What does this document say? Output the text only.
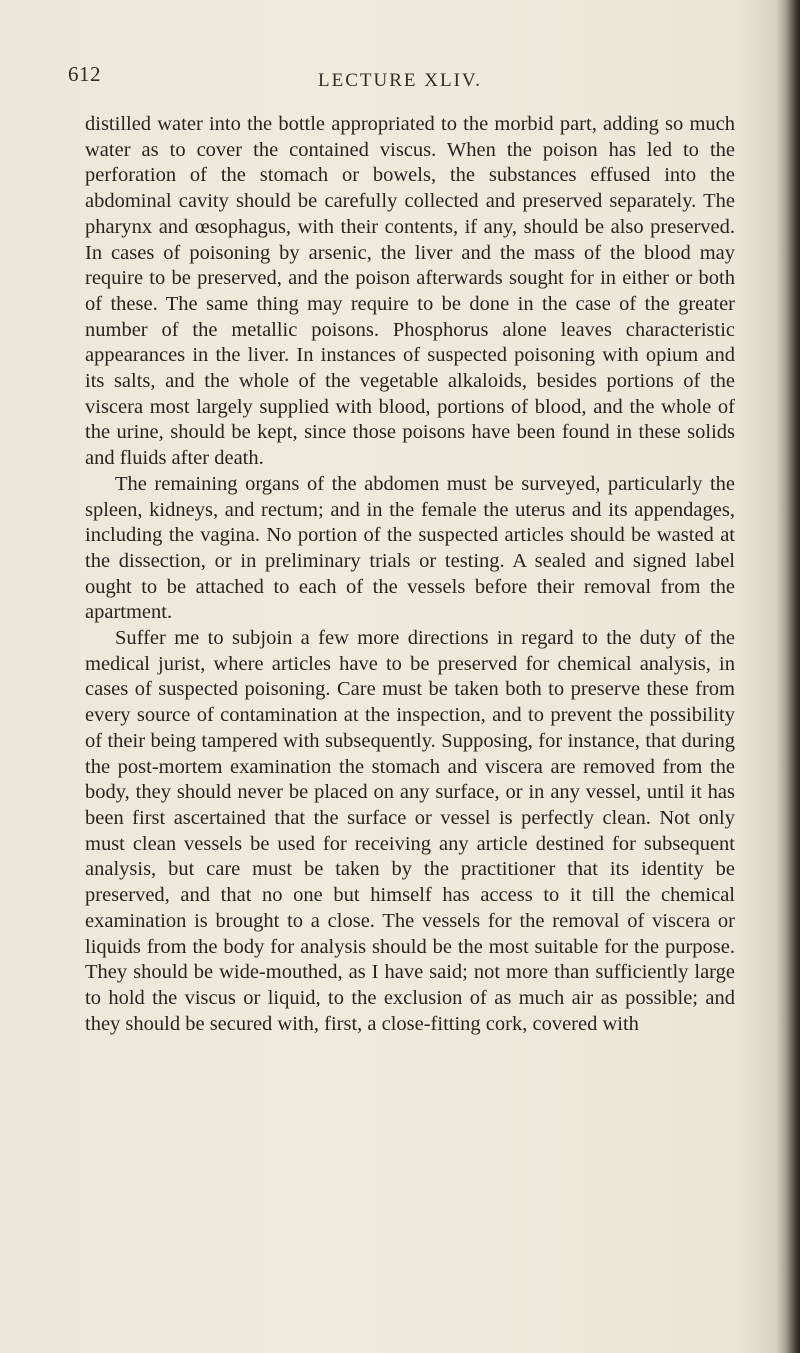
612	LECTURE XLIV.

distilled water into the bottle appropriated to the morbid part, adding so much water as to cover the contained viscus. When the poison has led to the perforation of the stomach or bowels, the substances effused into the abdominal cavity should be carefully collected and preserved separately. The pharynx and œsophagus, with their contents, if any, should be also preserved. In cases of poisoning by arsenic, the liver and the mass of the blood may require to be preserved, and the poison afterwards sought for in either or both of these. The same thing may require to be done in the case of the greater number of the metallic poisons. Phosphorus alone leaves characteristic appearances in the liver. In instances of suspected poisoning with opium and its salts, and the whole of the vegetable alkaloids, besides portions of the viscera most largely supplied with blood, portions of blood, and the whole of the urine, should be kept, since those poisons have been found in these solids and fluids after death.

The remaining organs of the abdomen must be surveyed, particularly the spleen, kidneys, and rectum; and in the female the uterus and its appendages, including the vagina. No portion of the suspected articles should be wasted at the dissection, or in preliminary trials or testing. A sealed and signed label ought to be attached to each of the vessels before their removal from the apartment.

Suffer me to subjoin a few more directions in regard to the duty of the medical jurist, where articles have to be preserved for chemical analysis, in cases of suspected poisoning. Care must be taken both to preserve these from every source of contamination at the inspection, and to prevent the possibility of their being tampered with subsequently. Supposing, for instance, that during the post-mortem examination the stomach and viscera are removed from the body, they should never be placed on any surface, or in any vessel, until it has been first ascertained that the surface or vessel is perfectly clean. Not only must clean vessels be used for receiving any article destined for subsequent analysis, but care must be taken by the practitioner that its identity be preserved, and that no one but himself has access to it till the chemical examination is brought to a close. The vessels for the removal of viscera or liquids from the body for analysis should be the most suitable for the purpose. They should be wide-mouthed, as I have said; not more than sufficiently large to hold the viscus or liquid, to the exclusion of as much air as possible; and they should be secured with, first, a close-fitting cork, covered with
